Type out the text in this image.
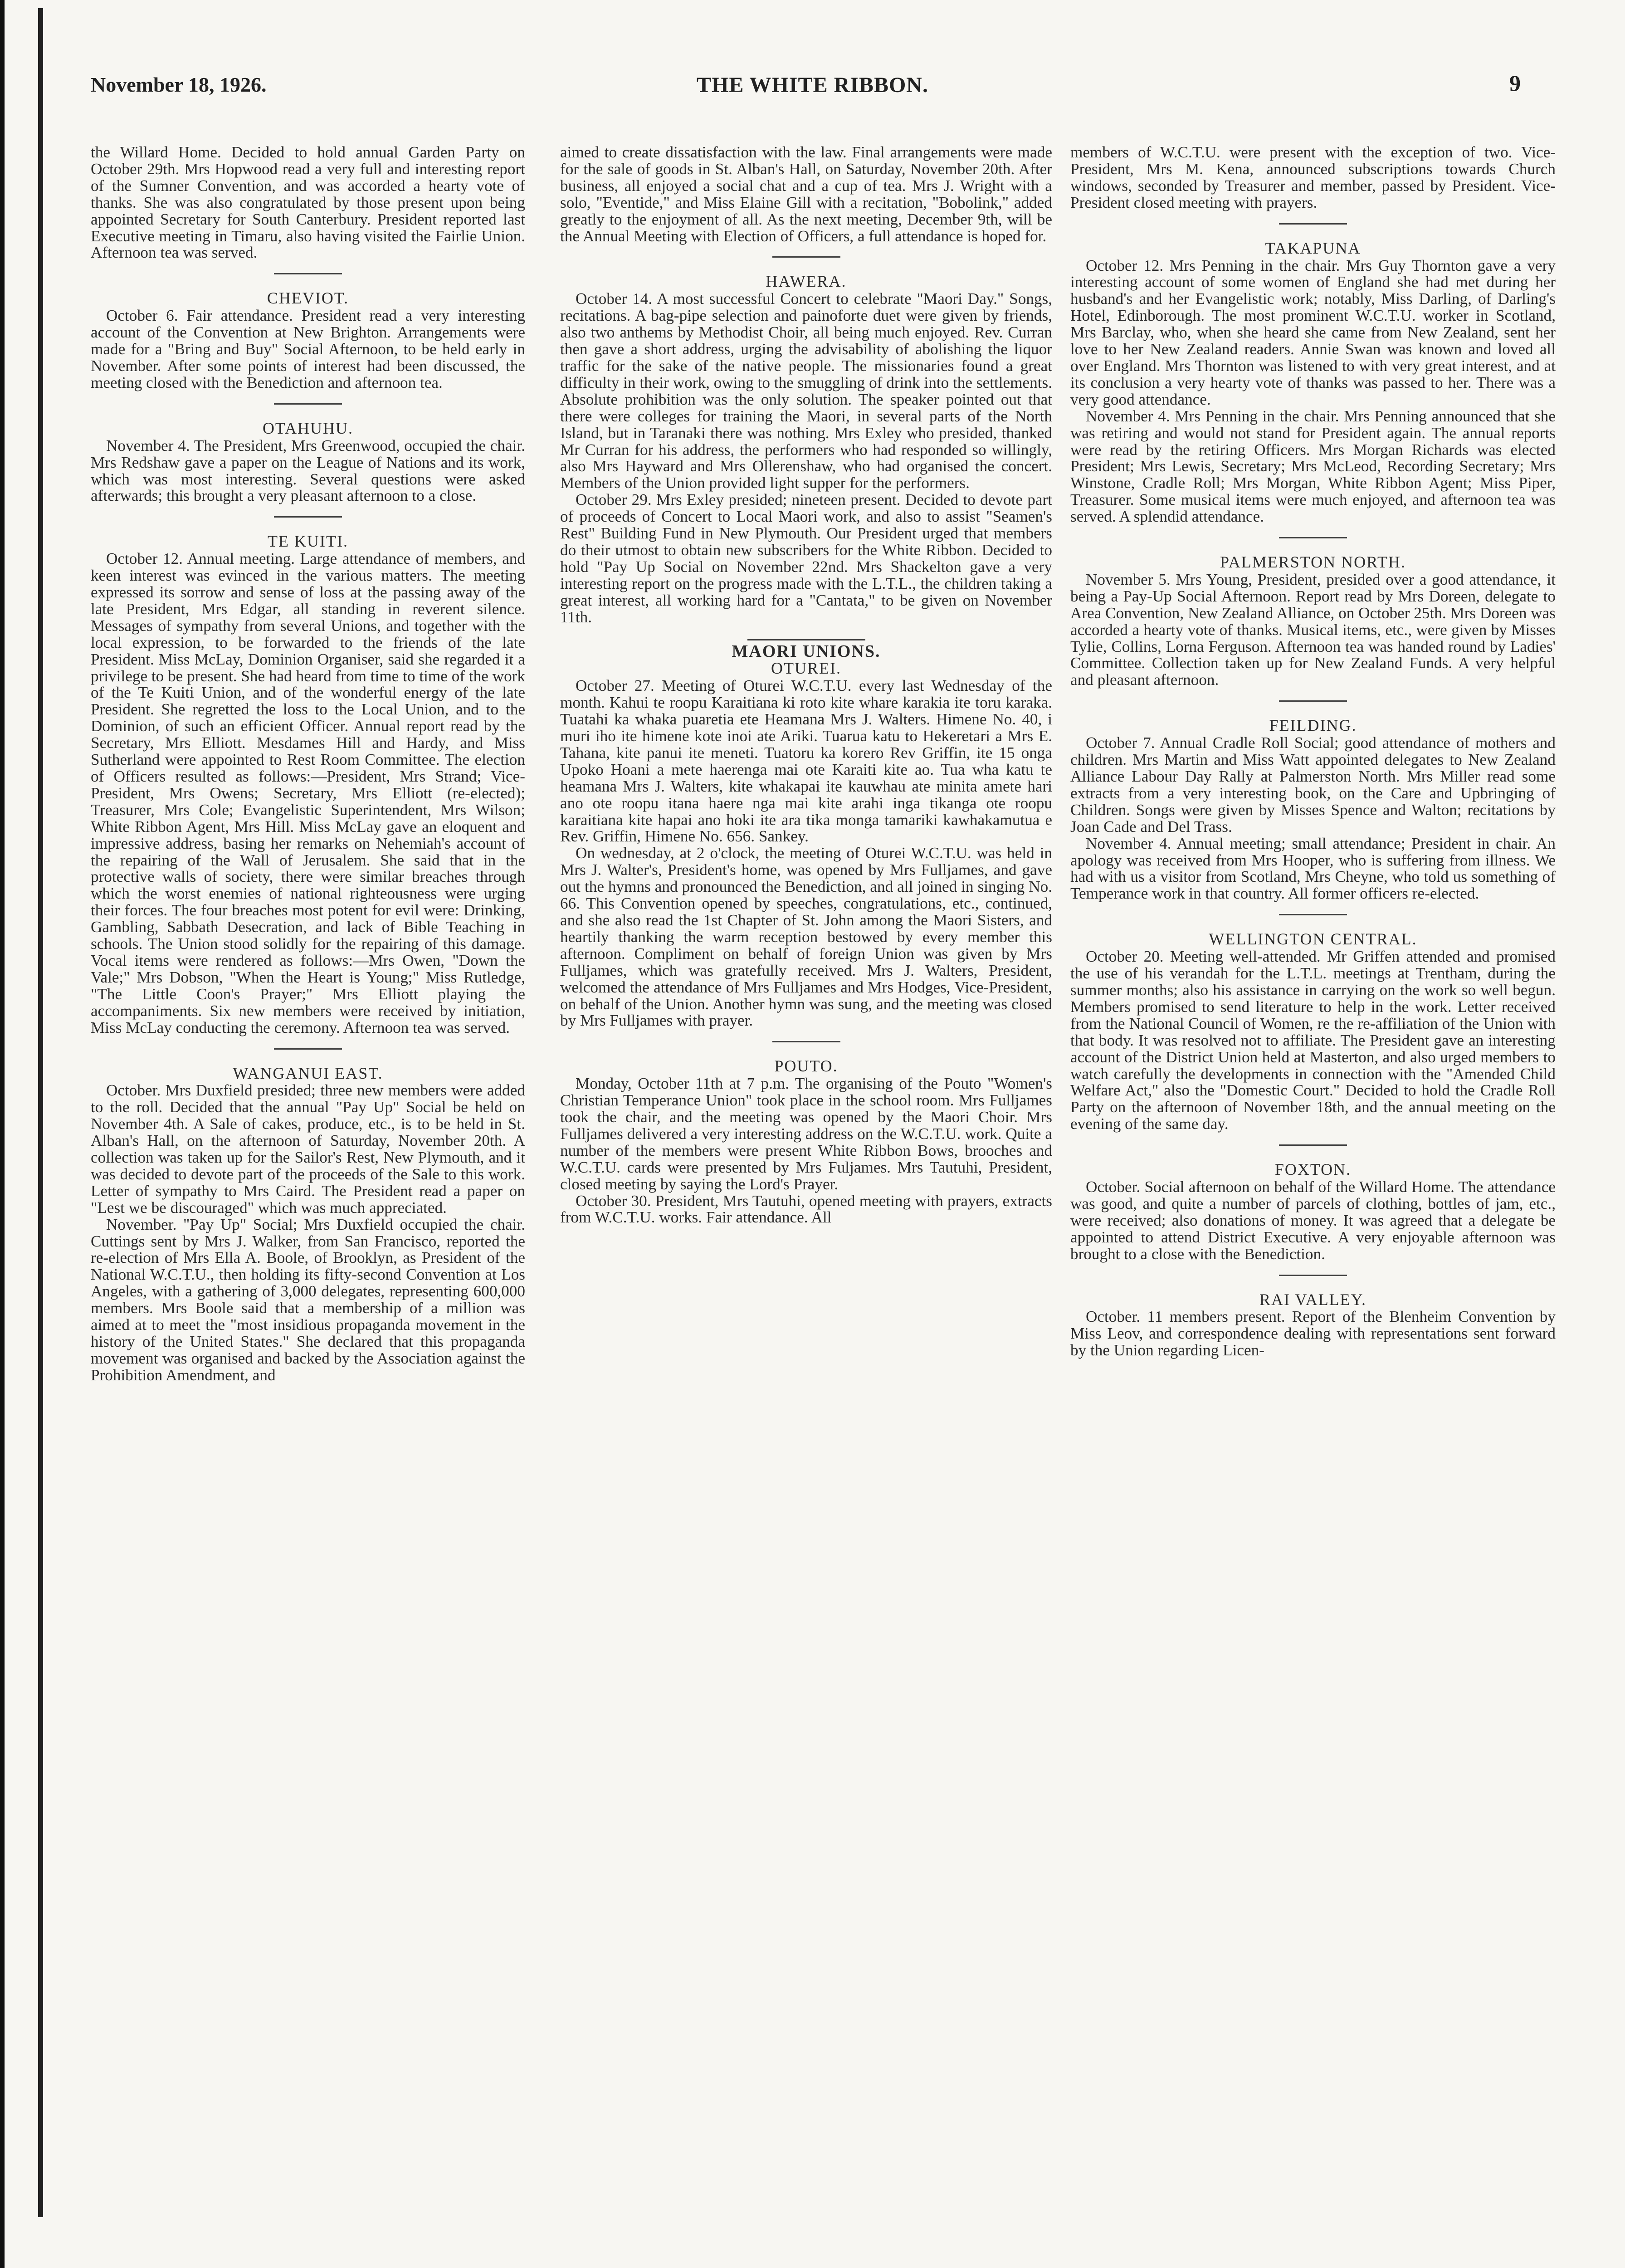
November 18, 1926.	THE WHITE RIBBON.	9

the Willard Home. Decided to hold annual Garden Party on October 29th. Mrs Hopwood read a very full and interesting report of the Sumner Convention, and was accorded a hearty vote of thanks. She was also congratulated by those present upon being appointed Secretary for South Canterbury. President reported last Executive meeting in Timaru, also having visited the Fairlie Union. Afternoon tea was served.

CHEVIOT.

October 6. Fair attendance. President read a very interesting account of the Convention at New Brighton. Arrangements were made for a "Bring and Buy" Social Afternoon, to be held early in November. After some points of interest had been discussed, the meeting closed with the Benediction and afternoon tea.

OTAHUHU.

November 4. The President, Mrs Greenwood, occupied the chair. Mrs Redshaw gave a paper on the League of Nations and its work, which was most interesting. Several questions were asked afterwards; this brought a very pleasant afternoon to a close.

TE KUITI.

October 12. Annual meeting. Large attendance of members, and keen interest was evinced in the various matters. The meeting expressed its sorrow and sense of loss at the passing away of the late President, Mrs Edgar, all standing in reverent silence. Messages of sympathy from several Unions, and together with the local expression, to be forwarded to the friends of the late President. Miss McLay, Dominion Organiser, said she regarded it a privilege to be present. She had heard from time to time of the work of the Te Kuiti Union, and of the wonderful energy of the late President. She regretted the loss to the Local Union, and to the Dominion, of such an efficient Officer. Annual report read by the Secretary, Mrs Elliott. Mesdames Hill and Hardy, and Miss Sutherland were appointed to Rest Room Committee. The election of Officers resulted as follows:—President, Mrs Strand; Vice-President, Mrs Owens; Secretary, Mrs Elliott (re-elected); Treasurer, Mrs Cole; Evangelistic Superintendent, Mrs Wilson; White Ribbon Agent, Mrs Hill. Miss McLay gave an eloquent and impressive address, basing her remarks on Nehemiah's account of the repairing of the Wall of Jerusalem. She said that in the protective walls of society, there were similar breaches through which the worst enemies of national righteousness were urging their forces. The four breaches most potent for evil were: Drinking, Gambling, Sabbath Desecration, and lack of Bible Teaching in schools. The Union stood solidly for the repairing of this damage. Vocal items were rendered as follows:—Mrs Owen, "Down the Vale;" Mrs Dobson, "When the Heart is Young;" Miss Rutledge, "The Little Coon's Prayer;" Mrs Elliott playing the accompaniments. Six new members were received by initiation, Miss McLay conducting the ceremony. Afternoon tea was served.

WANGANUI EAST.

October. Mrs Duxfield presided; three new members were added to the roll. Decided that the annual "Pay Up" Social be held on November 4th. A Sale of cakes, produce, etc., is to be held in St. Alban's Hall, on the afternoon of Saturday, November 20th. A collection was taken up for the Sailor's Rest, New Plymouth, and it was decided to devote part of the proceeds of the Sale to this work. Letter of sympathy to Mrs Caird. The President read a paper on "Lest we be discouraged" which was much appreciated.

November. "Pay Up" Social; Mrs Duxfield occupied the chair. Cuttings sent by Mrs J. Walker, from San Francisco, reported the re-election of Mrs Ella A. Boole, of Brooklyn, as President of the National W.C.T.U., then holding its fifty-second Convention at Los Angeles, with a gathering of 3,000 delegates, representing 600,000 members. Mrs Boole said that a membership of a million was aimed at to meet the "most insidious propaganda movement in the history of the United States." She declared that this propaganda movement was organised and backed by the Association against the Prohibition Amendment, and

aimed to create dissatisfaction with the law. Final arrangements were made for the sale of goods in St. Alban's Hall, on Saturday, November 20th. After business, all enjoyed a social chat and a cup of tea. Mrs J. Wright with a solo, "Eventide," and Miss Elaine Gill with a recitation, "Bobolink," added greatly to the enjoyment of all. As the next meeting, December 9th, will be the Annual Meeting with Election of Officers, a full attendance is hoped for.

HAWERA.

October 14. A most successful Concert to celebrate "Maori Day." Songs, recitations. A bag-pipe selection and painoforte duet were given by friends, also two anthems by Methodist Choir, all being much enjoyed. Rev. Curran then gave a short address, urging the advisability of abolishing the liquor traffic for the sake of the native people. The missionaries found a great difficulty in their work, owing to the smuggling of drink into the settlements. Absolute prohibition was the only solution. The speaker pointed out that there were colleges for training the Maori, in several parts of the North Island, but in Taranaki there was nothing. Mrs Exley who presided, thanked Mr Curran for his address, the performers who had responded so willingly, also Mrs Hayward and Mrs Ollerenshaw, who had organised the concert. Members of the Union provided light supper for the performers.

October 29. Mrs Exley presided; nineteen present. Decided to devote part of proceeds of Concert to Local Maori work, and also to assist "Seamen's Rest" Building Fund in New Plymouth. Our President urged that members do their utmost to obtain new subscribers for the White Ribbon. Decided to hold "Pay Up Social on November 22nd. Mrs Shackelton gave a very interesting report on the progress made with the L.T.L., the children taking a great interest, all working hard for a "Cantata," to be given on November 11th.

MAORI UNIONS.
OTUREI.

October 27. Meeting of Oturei W.C.T.U. every last Wednesday of the month. Kahui te roopu Karaitiana ki roto kite whare karakia ite toru karaka. Tuatahi ka whaka puaretia ete Heamana Mrs J. Walters. Himene No. 40, i muri iho ite himene kote inoi ate Ariki. Tuarua katu to Hekeretari a Mrs E. Tahana, kite panui ite meneti. Tuatoru ka korero Rev Griffin, ite 15 onga Upoko Hoani a mete haerenga mai ote Karaiti kite ao. Tua wha katu te heamana Mrs J. Walters, kite whakapai ite kauwhau ate minita amete hari ano ote roopu itana haere nga mai kite arahi inga tikanga ote roopu karaitiana kite hapai ano hoki ite ara tika monga tamariki kawhakamutua e Rev. Griffin, Himene No. 656. Sankey.

On wednesday, at 2 o'clock, the meeting of Oturei W.C.T.U. was held in Mrs J. Walter's, President's home, was opened by Mrs Fulljames, and gave out the hymns and pronounced the Benediction, and all joined in singing No. 66. This Convention opened by speeches, congratulations, etc., continued, and she also read the 1st Chapter of St. John among the Maori Sisters, and heartily thanking the warm reception bestowed by every member this afternoon. Compliment on behalf of foreign Union was given by Mrs Fulljames, which was gratefully received. Mrs J. Walters, President, welcomed the attendance of Mrs Fulljames and Mrs Hodges, Vice-President, on behalf of the Union. Another hymn was sung, and the meeting was closed by Mrs Fulljames with prayer.

POUTO.

Monday, October 11th at 7 p.m. The organising of the Pouto "Women's Christian Temperance Union" took place in the school room. Mrs Fulljames took the chair, and the meeting was opened by the Maori Choir. Mrs Fulljames delivered a very interesting address on the W.C.T.U. work. Quite a number of the members were present White Ribbon Bows, brooches and W.C.T.U. cards were presented by Mrs Fuljames. Mrs Tautuhi, President, closed meeting by saying the Lord's Prayer.

October 30. President, Mrs Tautuhi, opened meeting with prayers, extracts from W.C.T.U. works. Fair attendance. All

members of W.C.T.U. were present with the exception of two. Vice-President, Mrs M. Kena, announced subscriptions towards Church windows, seconded by Treasurer and member, passed by President. Vice-President closed meeting with prayers.

TAKAPUNA

October 12. Mrs Penning in the chair. Mrs Guy Thornton gave a very interesting account of some women of England she had met during her husband's and her Evangelistic work; notably, Miss Darling, of Darling's Hotel, Edinborough. The most prominent W.C.T.U. worker in Scotland, Mrs Barclay, who, when she heard she came from New Zealand, sent her love to her New Zealand readers. Annie Swan was known and loved all over England. Mrs Thornton was listened to with very great interest, and at its conclusion a very hearty vote of thanks was passed to her. There was a very good attendance.

November 4. Mrs Penning in the chair. Mrs Penning announced that she was retiring and would not stand for President again. The annual reports were read by the retiring Officers. Mrs Morgan Richards was elected President; Mrs Lewis, Secretary; Mrs McLeod, Recording Secretary; Mrs Winstone, Cradle Roll; Mrs Morgan, White Ribbon Agent; Miss Piper, Treasurer. Some musical items were much enjoyed, and afternoon tea was served. A splendid attendance.

PALMERSTON NORTH.

November 5. Mrs Young, President, presided over a good attendance, it being a Pay-Up Social Afternoon. Report read by Mrs Doreen, delegate to Area Convention, New Zealand Alliance, on October 25th. Mrs Doreen was accorded a hearty vote of thanks. Musical items, etc., were given by Misses Tylie, Collins, Lorna Ferguson. Afternoon tea was handed round by Ladies' Committee. Collection taken up for New Zealand Funds. A very helpful and pleasant afternoon.

FEILDING.

October 7. Annual Cradle Roll Social; good attendance of mothers and children. Mrs Martin and Miss Watt appointed delegates to New Zealand Alliance Labour Day Rally at Palmerston North. Mrs Miller read some extracts from a very interesting book, on the Care and Upbringing of Children. Songs were given by Misses Spence and Walton; recitations by Joan Cade and Del Trass.

November 4. Annual meeting; small attendance; President in chair. An apology was received from Mrs Hooper, who is suffering from illness. We had with us a visitor from Scotland, Mrs Cheyne, who told us something of Temperance work in that country. All former officers re-elected.

WELLINGTON CENTRAL.

October 20. Meeting well-attended. Mr Griffen attended and promised the use of his verandah for the L.T.L. meetings at Trentham, during the summer months; also his assistance in carrying on the work so well begun. Members promised to send literature to help in the work. Letter received from the National Council of Women, re the re-affiliation of the Union with that body. It was resolved not to affiliate. The President gave an interesting account of the District Union held at Masterton, and also urged members to watch carefully the developments in connection with the "Amended Child Welfare Act," also the "Domestic Court." Decided to hold the Cradle Roll Party on the afternoon of November 18th, and the annual meeting on the evening of the same day.

FOXTON.

October. Social afternoon on behalf of the Willard Home. The attendance was good, and quite a number of parcels of clothing, bottles of jam, etc., were received; also donations of money. It was agreed that a delegate be appointed to attend District Executive. A very enjoyable afternoon was brought to a close with the Benediction.

RAI VALLEY.

October. 11 members present. Report of the Blenheim Convention by Miss Leov, and correspondence dealing with representations sent forward by the Union regarding Licen-
